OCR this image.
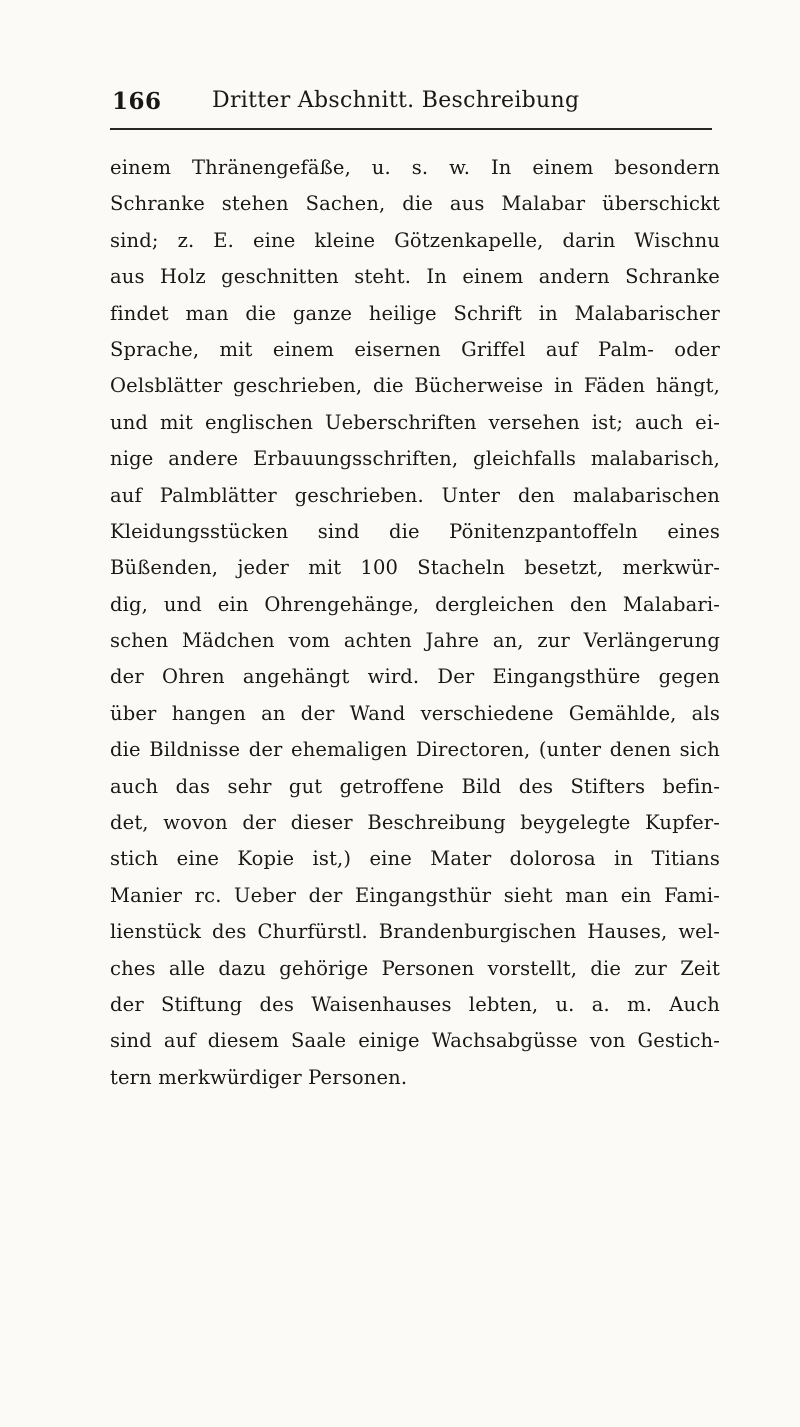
166 Dritter Abschnitt. Beschreibung
einem Thränengefäße, u. s. w. In einem besondern
Schranke stehen Sachen, die aus Malabar überschickt
sind; z. E. eine kleine Götzenkapelle, darin Wischnu
aus Holz geschnitten steht. In einem andern Schranke
findet man die ganze heilige Schrift in Malabarischer
Sprache, mit einem eisernen Griffel auf Palm- oder
Oelsblätter geschrieben, die Bücherweise in Fäden hängt,
und mit englischen Ueberschriften versehen ist; auch ei-
nige andere Erbauungsschriften, gleichfalls malabarisch,
auf Palmblätter geschrieben. Unter den malabarischen
Kleidungsstücken sind die Pönitenzpantoffeln eines
Büßenden, jeder mit 100 Stacheln besetzt, merkwür-
dig, und ein Ohrengehänge, dergleichen den Malabari-
schen Mädchen vom achten Jahre an, zur Verlängerung
der Ohren angehängt wird. Der Eingangsthüre gegen
über hangen an der Wand verschiedene Gemählde, als
die Bildnisse der ehemaligen Directoren, (unter denen sich
auch das sehr gut getroffene Bild des Stifters befin-
det, wovon der dieser Beschreibung beygelegte Kupfer-
stich eine Kopie ist,) eine Mater dolorosa in Titians
Manier rc. Ueber der Eingangsthür sieht man ein Fami-
lienstück des Churfürstl. Brandenburgischen Hauses, wel-
ches alle dazu gehörige Personen vorstellt, die zur Zeit
der Stiftung des Waisenhauses lebten, u. a. m. Auch
sind auf diesem Saale einige Wachsabgüsse von Gestich-
tern merkwürdiger Personen.
